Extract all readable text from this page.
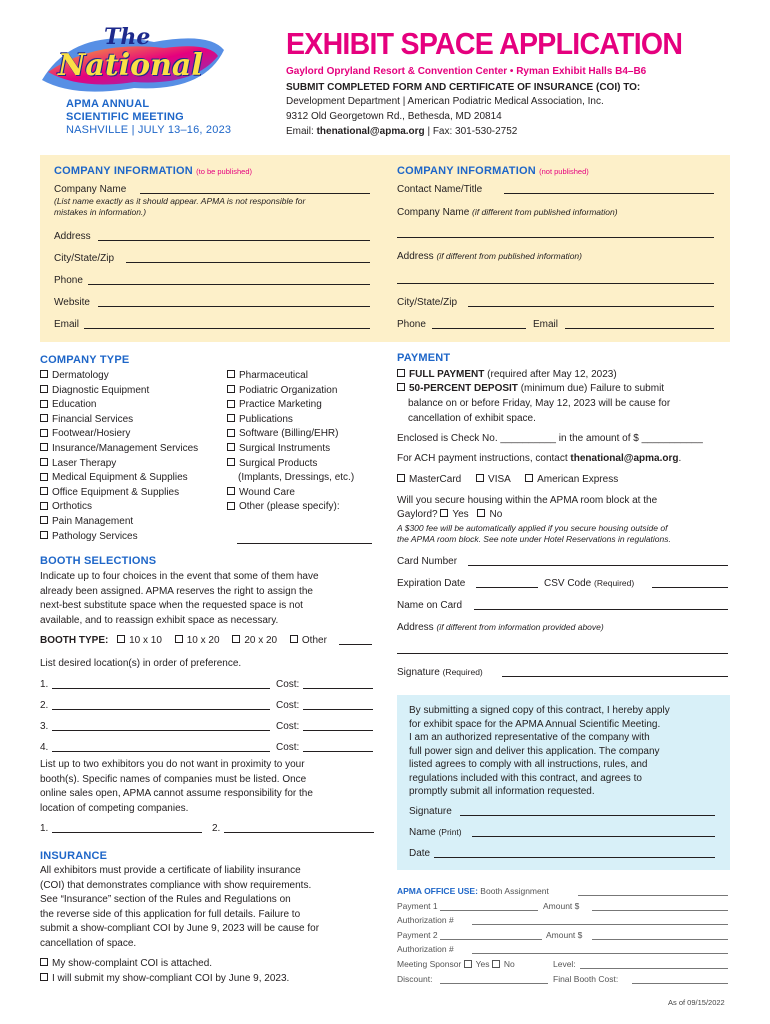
The
National
APMA ANNUAL
SCIENTIFIC MEETING
NASHVILLE | JULY 13–16, 2023
EXHIBIT SPACE APPLICATION
Gaylord Opryland Resort & Convention Center • Ryman Exhibit Halls B4–B6
SUBMIT COMPLETED FORM AND CERTIFICATE OF INSURANCE (COI) TO:
Development Department | American Podiatric Medical Association, Inc.
9312 Old Georgetown Rd., Bethesda, MD 20814
Email: thenational@apma.org | Fax: 301-530-2752
COMPANY INFORMATION (to be published)
Company Name
(List name exactly as it should appear. APMA is not responsible for
mistakes in information.)
Address
City/State/Zip
Phone
Website
Email
COMPANY INFORMATION (not published)
Contact Name/Title
Company Name (if different from published information)
Address (if different from published information)
City/State/Zip
Phone	Email
COMPANY TYPE
Dermatology
Diagnostic Equipment
Education
Financial Services
Footwear/Hosiery
Insurance/Management Services
Laser Therapy
Medical Equipment & Supplies
Office Equipment & Supplies
Orthotics
Pain Management
Pathology Services
Pharmaceutical
Podiatric Organization
Practice Marketing
Publications
Software (Billing/EHR)
Surgical Instruments
Surgical Products
(Implants, Dressings, etc.)
Wound Care
Other (please specify):
BOOTH SELECTIONS
Indicate up to four choices in the event that some of them have
already been assigned. APMA reserves the right to assign the
next-best substitute space when the requested space is not
available, and to reassign exhibit space as necessary.
BOOTH TYPE: 10 x 10 10 x 20 20 x 20 Other
List desired location(s) in order of preference.
1.	Cost:
2.	Cost:
3.	Cost:
4.	Cost:
List up to two exhibitors you do not want in proximity to your
booth(s). Specific names of companies must be listed. Once
online sales open, APMA cannot assume responsibility for the
location of competing companies.
1.	2.
INSURANCE
All exhibitors must provide a certificate of liability insurance
(COI) that demonstrates compliance with show requirements.
See “Insurance” section of the Rules and Regulations on
the reverse side of this application for full details. Failure to
submit a show-compliant COI by June 9, 2023 will be cause for
cancellation of space.
My show-complaint COI is attached.
I will submit my show-compliant COI by June 9, 2023.
PAYMENT
FULL PAYMENT (required after May 12, 2023)
50-PERCENT DEPOSIT (minimum due) Failure to submit
balance on or before Friday, May 12, 2023 will be cause for
cancellation of exhibit space.
Enclosed is Check No. __________ in the amount of $ ___________
For ACH payment instructions, contact thenational@apma.org.
MasterCard	VISA	American Express
Will you secure housing within the APMA room block at the
Gaylord? Yes No
A $300 fee will be automatically applied if you secure housing outside of
the APMA room block. See note under Hotel Reservations in regulations.
Card Number
Expiration Date	CSV Code (Required)
Name on Card
Address (if different from information provided above)
Signature (Required)
By submitting a signed copy of this contract, I hereby apply
for exhibit space for the APMA Annual Scientific Meeting.
I am an authorized representative of the company with
full power sign and deliver this application. The company
listed agrees to comply with all instructions, rules, and
regulations included with this contract, and agrees to
promptly submit all information requested.
Signature
Name (Print)
Date
APMA OFFICE USE: Booth Assignment
Payment 1	Amount $
Authorization #
Payment 2	Amount $
Authorization #
Meeting Sponsor Yes No	Level:
Discount:	Final Booth Cost:
As of 09/15/2022
